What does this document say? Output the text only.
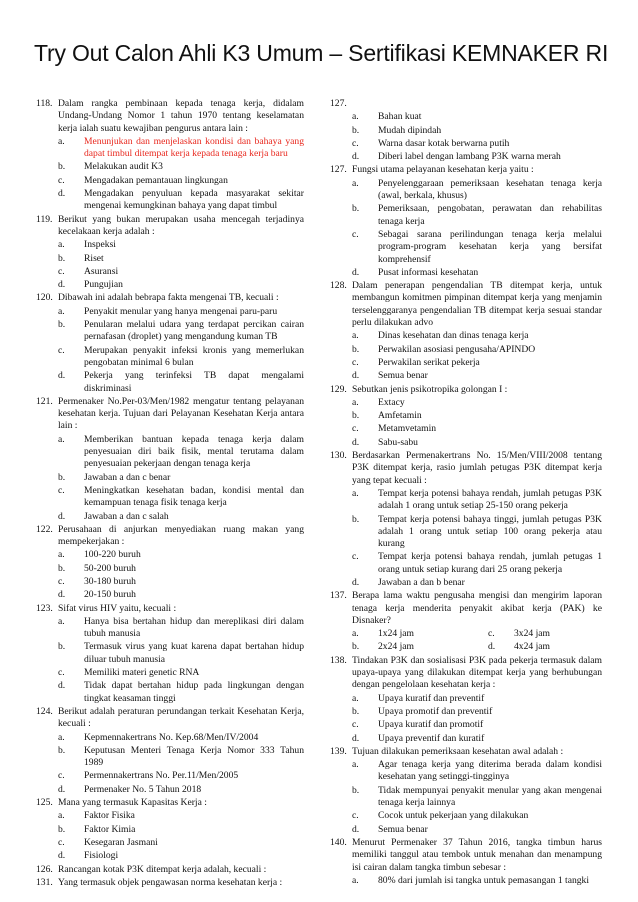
Try Out Calon Ahli K3 Umum – Sertifikasi KEMNAKER RI
118. Dalam rangka pembinaan kepada tenaga kerja, didalam Undang-Undang Nomor 1 tahun 1970 tentang keselamatan kerja ialah suatu kewajiban pengurus antara lain :
a.	Menunjukan dan menjelaskan kondisi dan bahaya yang dapat timbul ditempat kerja kepada tenaga kerja baru
b.	Melakukan audit K3
c.	Mengadakan pemantauan lingkungan
d.	Mengadakan penyuluan kepada masyarakat sekitar mengenai kemungkinan bahaya yang dapat timbul
119. Berikut yang bukan merupakan usaha mencegah terjadinya kecelakaan kerja adalah :
a.	Inspeksi
b.	Riset
c.	Asuransi
d.	Pungujian
120. Dibawah ini adalah bebrapa fakta mengenai TB, kecuali :
a.	Penyakit menular yang hanya mengenai paru-paru
b.	Penularan melalui udara yang terdapat percikan cairan pernafasan (droplet) yang mengandung kuman TB
c.	Merupakan penyakit infeksi kronis yang memerlukan pengobatan minimal 6 bulan
d.	Pekerja yang terinfeksi TB dapat mengalami diskriminasi
121. Permenaker No.Per-03/Men/1982 mengatur tentang pelayanan kesehatan kerja. Tujuan dari Pelayanan Kesehatan Kerja antara lain :
a.	Memberikan bantuan kepada tenaga kerja dalam penyesuaian diri baik fisik, mental terutama dalam penyesuaian pekerjaan dengan tenaga kerja
b.	Jawaban a dan c benar
c.	Meningkatkan kesehatan badan, kondisi mental dan kemampuan tenaga fisik tenaga kerja
d.	Jawaban a dan c salah
122. Perusahaan di anjurkan menyediakan ruang makan yang mempekerjakan :
a.	100-220 buruh
b.	50-200 buruh
c.	30-180 buruh
d.	20-150 buruh
123. Sifat virus HIV yaitu, kecuali :
a.	Hanya bisa bertahan hidup dan mereplikasi diri dalam tubuh manusia
b.	Termasuk virus yang kuat karena dapat bertahan hidup diluar tubuh manusia
c.	Memiliki materi genetic RNA
d.	Tidak dapat bertahan hidup pada lingkungan dengan tingkat keasaman tinggi
124. Berikut adalah peraturan perundangan terkait Kesehatan Kerja, kecuali :
a.	Kepmennakertrans No. Kep.68/Men/IV/2004
b.	Keputusan Menteri Tenaga Kerja Nomor 333 Tahun 1989
c.	Permennakertrans No. Per.11/Men/2005
d.	Permenaker No. 5 Tahun 2018
125. Mana yang termasuk Kapasitas Kerja :
a.	Faktor Fisika
b.	Faktor Kimia
c.	Kesegaran Jasmani
d.	Fisiologi
126. Rancangan kotak P3K ditempat kerja adalah, kecuali :
131. Yang termasuk objek pengawasan norma kesehatan kerja :
127.
a.	Bahan kuat
b.	Mudah dipindah
c.	Warna dasar kotak berwarna putih
d.	Diberi label dengan lambang P3K warna merah
127. Fungsi utama pelayanan kesehatan kerja yaitu :
a.	Penyelenggaraan pemeriksaan kesehatan tenaga kerja (awal, berkala, khusus)
b.	Pemeriksaan, pengobatan, perawatan dan rehabilitas tenaga kerja
c.	Sebagai sarana perilindungan tenaga kerja melalui program-program kesehatan kerja yang bersifat komprehensif
d.	Pusat informasi kesehatan
128. Dalam penerapan pengendalian TB ditempat kerja, untuk membangun komitmen pimpinan ditempat kerja yang menjamin terselenggaranya pengendalian TB ditempat kerja sesuai standar perlu dilakukan advo
a.	Dinas kesehatan dan dinas tenaga kerja
b.	Perwakilan asosiasi pengusaha/APINDO
c.	Perwakilan serikat pekerja
d.	Semua benar
129. Sebutkan jenis psikotropika golongan I :
a.	Extacy
b.	Amfetamin
c.	Metamvetamin
d.	Sabu-sabu
130. Berdasarkan Permenakertrans No. 15/Men/VIII/2008 tentang P3K ditempat kerja, rasio jumlah petugas P3K ditempat kerja yang tepat kecuali :
a.	Tempat kerja potensi bahaya rendah, jumlah petugas P3K adalah 1 orang untuk setiap 25-150 orang pekerja
b.	Tempat kerja potensi bahaya tinggi, jumlah petugas P3K adalah 1 orang untuk setiap 100 orang pekerja atau kurang
c.	Tempat kerja potensi bahaya rendah, jumlah petugas 1 orang untuk setiap kurang dari 25 orang pekerja
d.	Jawaban a dan b benar
137. Berapa lama waktu pengusaha mengisi dan mengirim laporan tenaga kerja menderita penyakit akibat kerja (PAK) ke Disnaker?
a.	1x24 jam	c.	3x24 jam
b.	2x24 jam	d.	4x24 jam
138. Tindakan P3K dan sosialisasi P3K pada pekerja termasuk dalam upaya-upaya yang dilakukan ditempat kerja yang berhubungan dengan pengelolaan kesehatan kerja :
a.	Upaya kuratif dan preventif
b.	Upaya promotif dan preventif
c.	Upaya kuratif dan promotif
d.	Upaya preventif dan kuratif
139. Tujuan dilakukan pemeriksaan kesehatan awal adalah :
a.	Agar tenaga kerja yang diterima berada dalam kondisi kesehatan yang setinggi-tingginya
b.	Tidak mempunyai penyakit menular yang akan mengenai tenaga kerja lainnya
c.	Cocok untuk pekerjaan yang dilakukan
d.	Semua benar
140. Menurut Permenaker 37 Tahun 2016, tangka timbun harus memiliki tanggul atau tembok untuk menahan dan menampung isi cairan dalam tangka timbun sebesar :
a.	80% dari jumlah isi tangka untuk pemasangan 1 tangki
